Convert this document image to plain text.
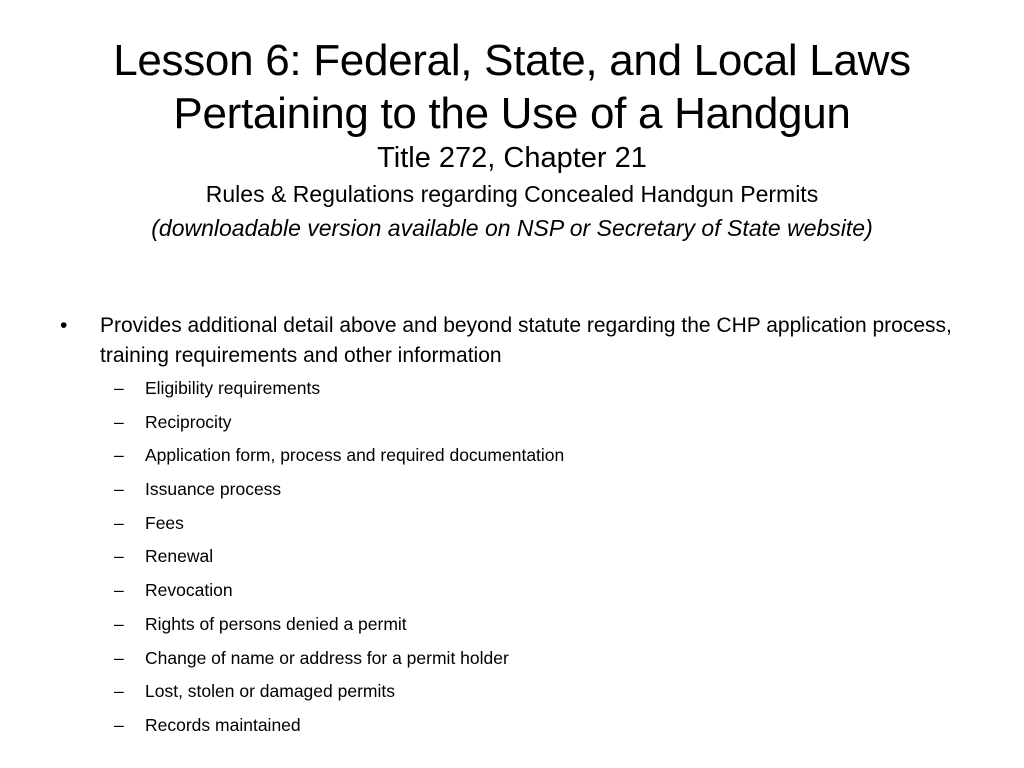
Lesson 6: Federal, State, and Local Laws
Pertaining to the Use of a Handgun
Title 272, Chapter 21
Rules & Regulations regarding Concealed Handgun Permits
(downloadable version available on NSP or Secretary of State website)
• Provides additional detail above and beyond statute regarding the CHP application process, training requirements and other information
– Eligibility requirements
– Reciprocity
– Application form, process and required documentation
– Issuance process
– Fees
– Renewal
– Revocation
– Rights of persons denied a permit
– Change of name or address for a permit holder
– Lost, stolen or damaged permits
– Records maintained
